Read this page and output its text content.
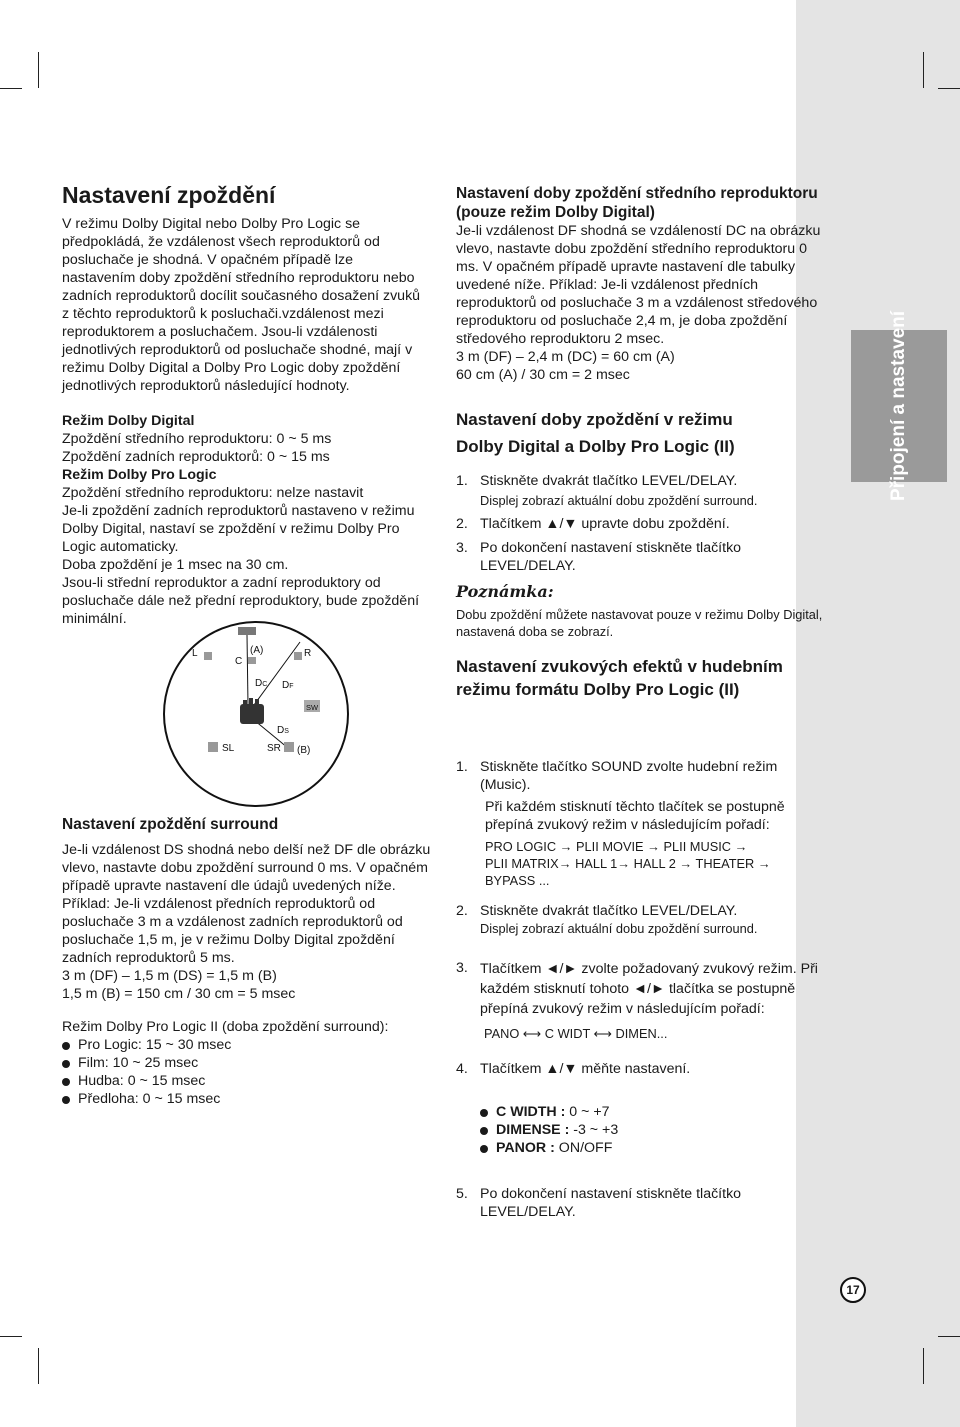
Připojení a nastavení
Nastavení zpoždění

V režimu Dolby Digital nebo Dolby Pro Logic se předpokládá, že vzdálenost všech reproduktorů od posluchače je shodná. V opačném případě lze nastavením doby zpoždění středního reproduktoru nebo zadních reproduktorů docílit současného dosažení zvuků z těchto reproduktorů k posluchači.vzdálenost mezi reproduktorem a posluchačem. Jsou-li vzdálenosti jednotlivých reproduktorů od posluchače shodné, mají v režimu Dolby Digital a Dolby Pro Logic doby zpoždění jednotlivých reproduktorů následující hodnoty.

Režim Dolby Digital
Zpoždění středního reproduktoru: 0 ~ 5 ms
Zpoždění zadních reproduktorů: 0 ~ 15 ms
Režim Dolby Pro Logic
Zpoždění středního reproduktoru: nelze nastavit
Je-li zpoždění zadních reproduktorů nastaveno v režimu Dolby Digital, nastaví se zpoždění v režimu Dolby Pro Logic automaticky.
Doba zpoždění je 1 msec na 30 cm.
Jsou-li střední reproduktor a zadní reproduktory od posluchače dále než přední reproduktory, bude zpoždění minimální.
L
C
(A)	R
DC DF
SW
DS
SL	SR (B)
Nastavení zpoždění surround

Je-li vzdálenost DS shodná nebo delší než DF dle obrázku vlevo, nastavte dobu zpoždění surround 0 ms. V opačném případě upravte nastavení dle údajů uvedených níže. Příklad: Je-li vzdálenost předních reproduktorů od posluchače 3 m a vzdálenost zadních reproduktorů od posluchače 1,5 m, je v režimu Dolby Digital zpoždění zadních reproduktorů 5 ms.

3 m (DF) – 1,5 m (DS) = 1,5 m (B)
1,5 m (B) = 150 cm / 30 cm = 5 msec
Režim Dolby Pro Logic II (doba zpoždění surround):
Pro Logic: 15 ~ 30 msec
Film: 10 ~ 25 msec
Hudba: 0 ~ 15 msec
Předloha: 0 ~ 15 msec
Nastavení doby zpoždění středního reproduktoru (pouze režim Dolby Digital)

Je-li vzdálenost DF shodná se vzdáleností DC na obrázku vlevo, nastavte dobu zpoždění středního reproduktoru 0 ms. V opačném případě upravte nastavení dle tabulky uvedené níže. Příklad: Je-li vzdálenost předních reproduktorů od posluchače 3 m a vzdálenost středového reproduktoru od posluchače 2,4 m, je doba zpoždění středového reproduktoru 2 msec.

3 m (DF) – 2,4 m (DC) = 60 cm (A)
60 cm (A) / 30 cm = 2 msec
Nastavení doby zpoždění v režimu
Dolby Digital a Dolby Pro Logic (II)
1. Stiskněte dvakrát tlačítko LEVEL/DELAY.
Displej zobrazí aktuální dobu zpoždění surround.
2. Tlačítkem ▲/▼ upravte dobu zpoždění.
3. Po dokončení nastavení stiskněte tlačítko LEVEL/DELAY.
Poznámka:
Dobu zpoždění můžete nastavovat pouze v režimu Dolby Digital, nastavená doba se zobrazí.
Nastavení zvukových efektů v hudebním režimu formátu Dolby Pro Logic (II)
1. Stiskněte tlačítko SOUND zvolte hudební režim (Music).
Při každém stisknutí těchto tlačítek se postupně přepíná zvukový režim v následujícím pořadí:
PRO LOGIC → PLII MOVIE → PLII MUSIC →
PLII MATRIX→ HALL 1→ HALL 2 → THEATER →
BYPASS ...
2. Stiskněte dvakrát tlačítko LEVEL/DELAY.
Displej zobrazí aktuální dobu zpoždění surround.
3. Tlačítkem ◄/► zvolte požadovaný zvukový režim. Při každém stisknutí tohoto ◄/► tlačítka se postupně přepíná zvukový režim v následujícím pořadí:
PANO ⟷ C WIDT ⟷ DIMEN...
4. Tlačítkem ▲/▼ měňte nastavení.
C WIDTH : 0 ~ +7
DIMENSE : -3 ~ +3
PANOR : ON/OFF
5. Po dokončení nastavení stiskněte tlačítko LEVEL/DELAY.
17
